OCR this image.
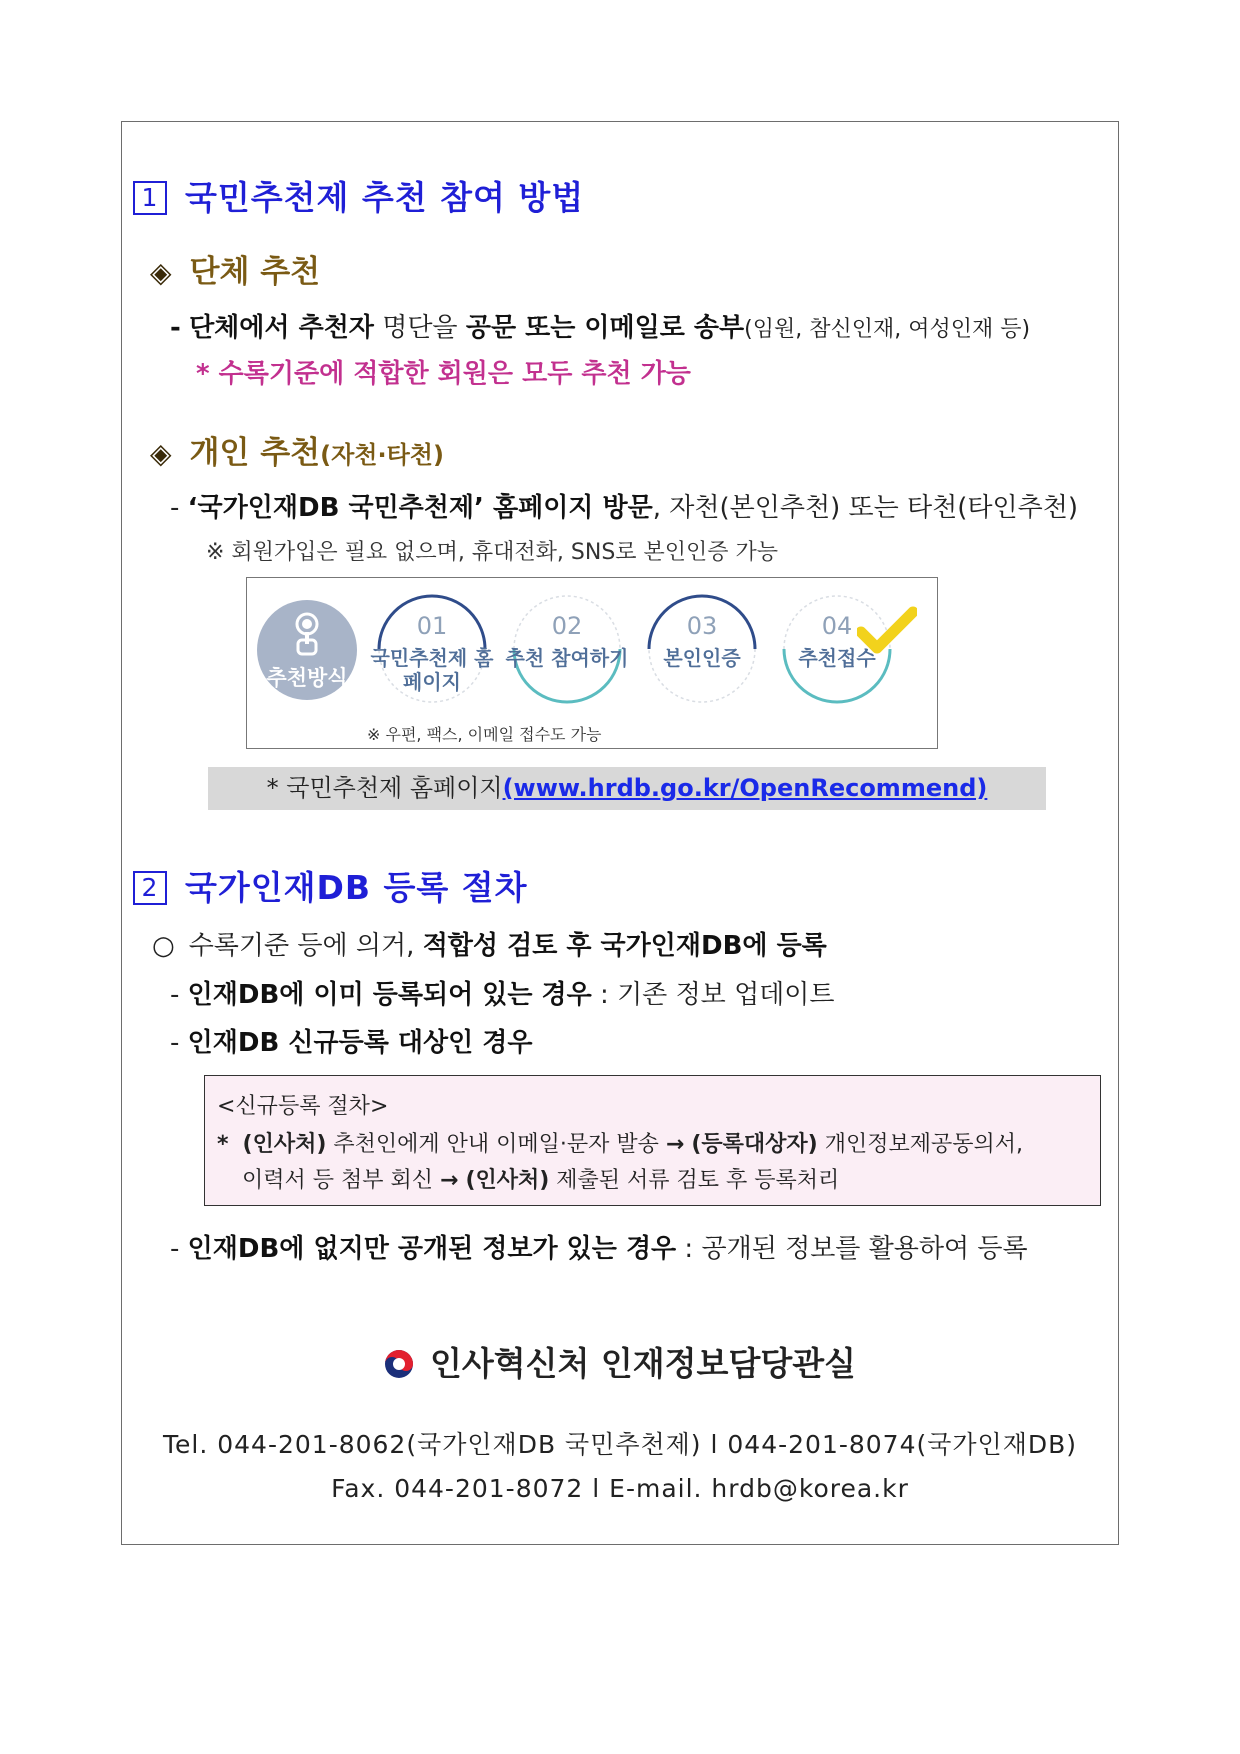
1 국민추천제 추천 참여 방법
◈ 단체 추천
- 단체에서 추천자 명단을 공문 또는 이메일로 송부(임원, 참신인재, 여성인재 등)
* 수록기준에 적합한 회원은 모두 추천 가능
◈ 개인 추천(자천·타천)
- ‘국가인재DB 국민추천제’ 홈페이지 방문, 자천(본인추천) 또는 타천(타인추천)
※ 회원가입은 필요 없으며, 휴대전화, SNS로 본인인증 가능
추천방식
01
국민추천제 홈페이지
02
추천 참여하기
03
본인인증
04
추천접수
※ 우편, 팩스, 이메일 접수도 가능
* 국민추천제 홈페이지(www.hrdb.go.kr/OpenRecommend)
2 국가인재DB 등록 절차
○ 수록기준 등에 의거, 적합성 검토 후 국가인재DB에 등록
- 인재DB에 이미 등록되어 있는 경우 : 기존 정보 업데이트
- 인재DB 신규등록 대상인 경우
<신규등록 절차>
* (인사처) 추천인에게 안내 이메일·문자 발송 → (등록대상자) 개인정보제공동의서,
이력서 등 첨부 회신 → (인사처) 제출된 서류 검토 후 등록처리
- 인재DB에 없지만 공개된 정보가 있는 경우 : 공개된 정보를 활용하여 등록
인사혁신처 인재정보담당관실
Tel. 044-201-8062(국가인재DB 국민추천제) l 044-201-8074(국가인재DB)
Fax. 044-201-8072 l E-mail. hrdb@korea.kr
